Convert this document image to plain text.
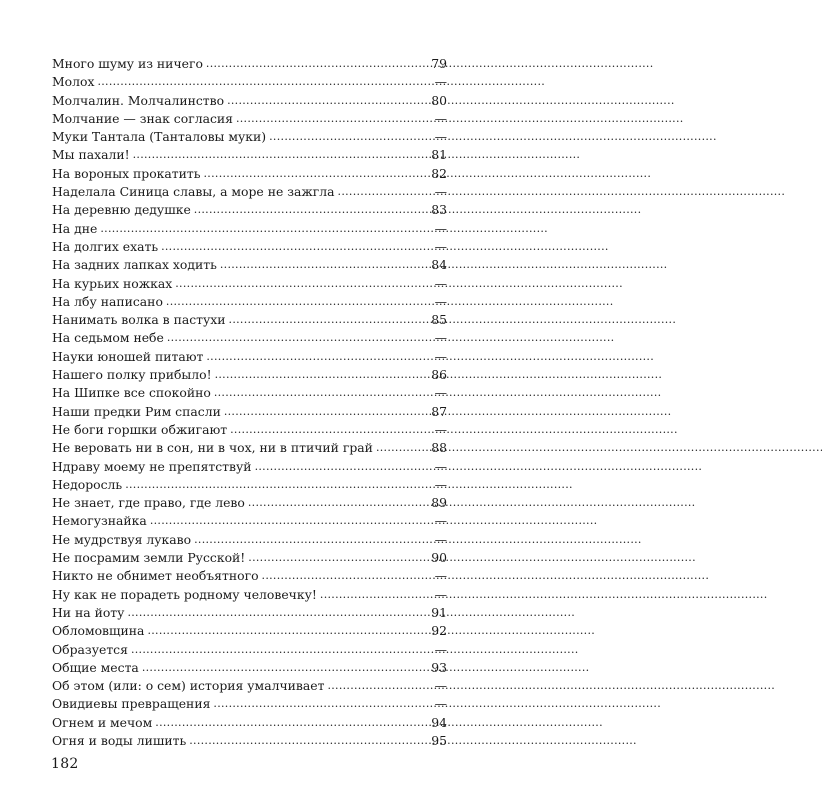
Много шуму из ничего . . .	79
Молох . . .	—
Молчалин. Молчалинство . . .	80
Молчание — знак согласия . . .	—
Муки Тантала (Танталовы муки) . . .	—
Мы пахали! . . .	81
На вороных прокатить . . .	82
Наделала Синица славы, а море не зажгла . . .	—
На деревню дедушке . . .	83
На дне . . .	—
На долгих ехать . . .	—
На задних лапках ходить . . .	84
На курьих ножках . . .	—
На лбу написано . . .	—
Нанимать волка в пастухи . . .	85
На седьмом небе . . .	—
Науки юношей питают . . .	—
Нашего полку прибыло! . . .	86
На Шипке все спокойно . . .	—
Наши предки Рим спасли . . .	87
Не боги горшки обжигают . . .	—
Не веровать ни в сон, ни в чох, ни в птичий грай . . .	88
Ндраву моему не препятствуй . . .	—
Недоросль . . .	—
Не знает, где право, где лево . . .	89
Немогузнайка . . .	—
Не мудрствуя лукаво . . .	—
Не посрамим земли Русской! . . .	90
Никто не обнимет необъятного . . .	—
Ну как не порадеть родному человечку! . . .	—
Ни на йоту . . .	91
Обломовщина . . .	92
Образуется . . .	—
Общие места . . .	93
Об этом (или: о сем) история умалчивает . . .	—
Овидиевы превращения . . .	—
Огнем и мечом . . .	94
Огня и воды лишить . . .	95
182
